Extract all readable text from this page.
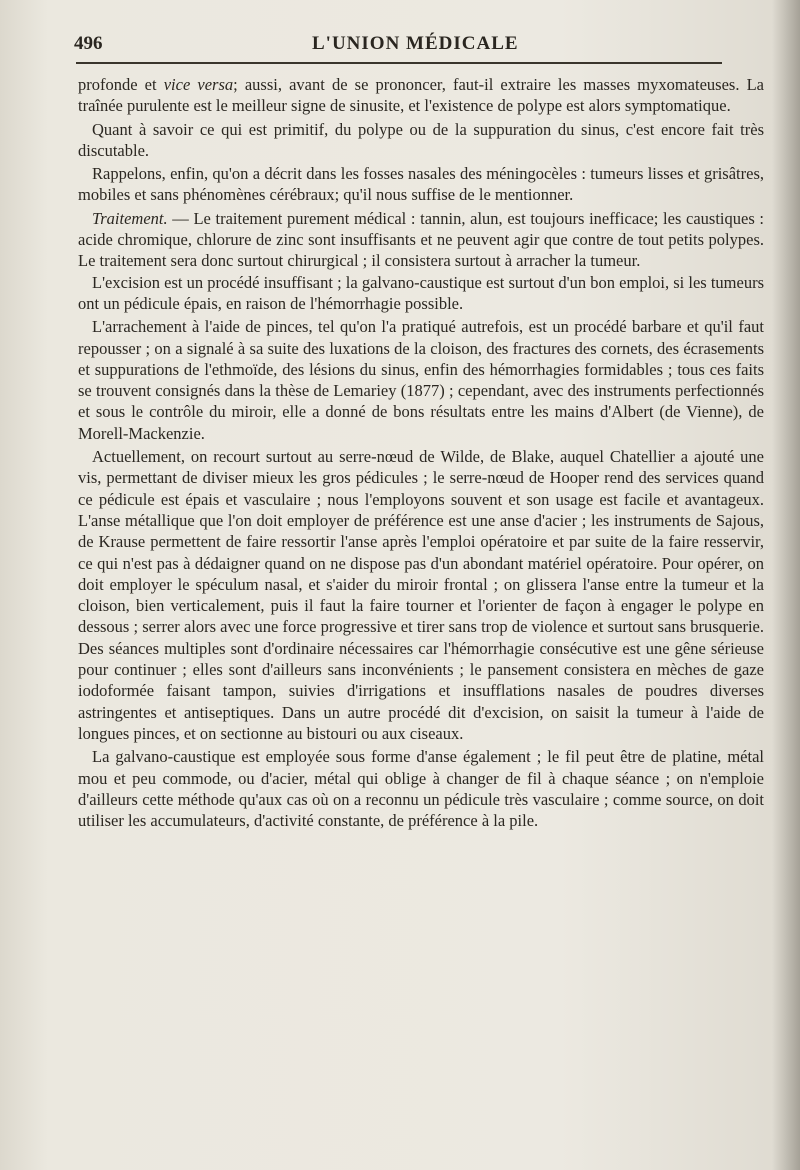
496	L'UNION MÉDICALE

profonde et vice versa; aussi, avant de se prononcer, faut-il extraire les masses myxomateuses. La traînée purulente est le meilleur signe de sinusite, et l'existence de polype est alors symptomatique.

Quant à savoir ce qui est primitif, du polype ou de la suppuration du sinus, c'est encore fait très discutable.

Rappelons, enfin, qu'on a décrit dans les fosses nasales des méningocèles : tumeurs lisses et grisâtres, mobiles et sans phénomènes cérébraux; qu'il nous suffise de le mentionner.

Traitement. — Le traitement purement médical : tannin, alun, est toujours inefficace; les caustiques : acide chromique, chlorure de zinc sont insuffisants et ne peuvent agir que contre de tout petits polypes. Le traitement sera donc surtout chirurgical ; il consistera surtout à arracher la tumeur.

L'excision est un procédé insuffisant ; la galvano-caustique est surtout d'un bon emploi, si les tumeurs ont un pédicule épais, en raison de l'hémorrhagie possible.

L'arrachement à l'aide de pinces, tel qu'on l'a pratiqué autrefois, est un procédé barbare et qu'il faut repousser ; on a signalé à sa suite des luxations de la cloison, des fractures des cornets, des écrasements et suppurations de l'ethmoïde, des lésions du sinus, enfin des hémorrhagies formidables ; tous ces faits se trouvent consignés dans la thèse de Lemariey (1877) ; cependant, avec des instruments perfectionnés et sous le contrôle du miroir, elle a donné de bons résultats entre les mains d'Albert (de Vienne), de Morell-Mackenzie.

Actuellement, on recourt surtout au serre-nœud de Wilde, de Blake, auquel Chatellier a ajouté une vis, permettant de diviser mieux les gros pédicules ; le serre-nœud de Hooper rend des services quand ce pédicule est épais et vasculaire ; nous l'employons souvent et son usage est facile et avantageux. L'anse métallique que l'on doit employer de préférence est une anse d'acier ; les instruments de Sajous, de Krause permettent de faire ressortir l'anse après l'emploi opératoire et par suite de la faire resservir, ce qui n'est pas à dédaigner quand on ne dispose pas d'un abondant matériel opératoire. Pour opérer, on doit employer le spéculum nasal, et s'aider du miroir frontal ; on glissera l'anse entre la tumeur et la cloison, bien verticalement, puis il faut la faire tourner et l'orienter de façon à engager le polype en dessous ; serrer alors avec une force progressive et tirer sans trop de violence et surtout sans brusquerie. Des séances multiples sont d'ordinaire nécessaires car l'hémorrhagie consécutive est une gêne sérieuse pour continuer ; elles sont d'ailleurs sans inconvénients ; le pansement consistera en mèches de gaze iodoformée faisant tampon, suivies d'irrigations et insufflations nasales de poudres diverses astringentes et antiseptiques. Dans un autre procédé dit d'excision, on saisit la tumeur à l'aide de longues pinces, et on sectionne au bistouri ou aux ciseaux.

La galvano-caustique est employée sous forme d'anse également ; le fil peut être de platine, métal mou et peu commode, ou d'acier, métal qui oblige à changer de fil à chaque séance ; on n'emploie d'ailleurs cette méthode qu'aux cas où on a reconnu un pédicule très vasculaire ; comme source, on doit utiliser les accumulateurs, d'activité constante, de préférence à la pile.
